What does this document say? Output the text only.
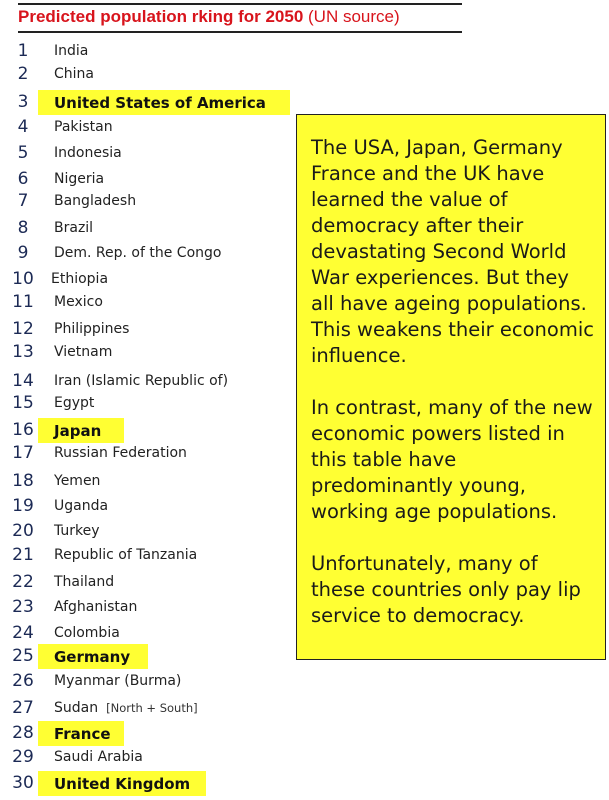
Predicted population rking for 2050 (UN source)
1	India
2	China
3	United States of America
4	Pakistan
5	Indonesia
6	Nigeria
7	Bangladesh
8	Brazil
9	Dem. Rep. of the Congo
10 Ethiopia
11 Mexico
12 Philippines
13 Vietnam
14 Iran (Islamic Republic of)
15 Egypt
16 Japan
17 Russian Federation
18 Yemen
19 Uganda
20 Turkey
21 Republic of Tanzania
22 Thailand
23 Afghanistan
24 Colombia
25 Germany
26 Myanmar (Burma)
27 Sudan [North + South]
28 France
29 Saudi Arabia
30 United Kingdom

The USA, Japan, Germany France and the UK have learned the value of democracy after their devastating Second World War experiences. But they all have ageing populations. This weakens their economic influence.

In contrast, many of the new economic powers listed in this table have predominantly young, working age populations.

Unfortunately, many of these countries only pay lip service to democracy.
